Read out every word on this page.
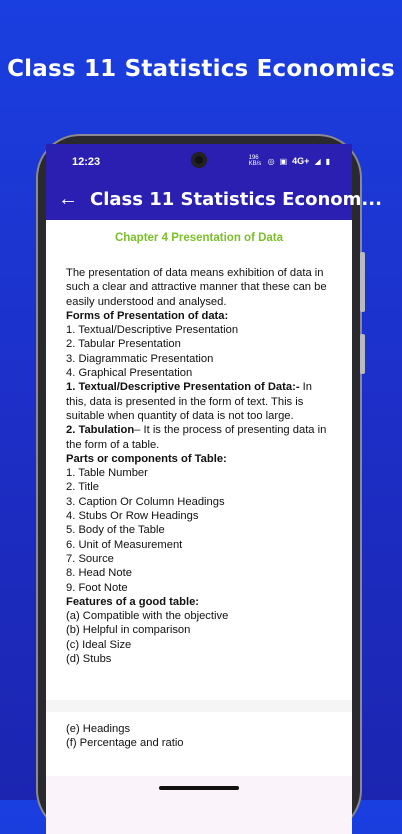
Class 11 Statistics Economics
12:23	196 KB/s ◎ ▣ 4G+ ◢ ▮
← Class 11 Statistics Econom...
Chapter 4 Presentation of Data

The presentation of data means exhibition of data in such a clear and attractive manner that these can be easily understood and analysed.

Forms of Presentation of data:

1. Textual/Descriptive Presentation

2. Tabular Presentation

3. Diagrammatic Presentation

4. Graphical Presentation

1. Textual/Descriptive Presentation of Data:- In this, data is presented in the form of text. This is suitable when quantity of data is not too large.

2. Tabulation– It is the process of presenting data in the form of a table.

Parts or components of Table:

1. Table Number

2. Title

3. Caption Or Column Headings

4. Stubs Or Row Headings

5. Body of the Table

6. Unit of Measurement

7. Source

8. Head Note

9. Foot Note

Features of a good table:

(a) Compatible with the objective

(b) Helpful in comparison

(c) Ideal Size

(d) Stubs

(e) Headings
(f) Percentage and ratio
